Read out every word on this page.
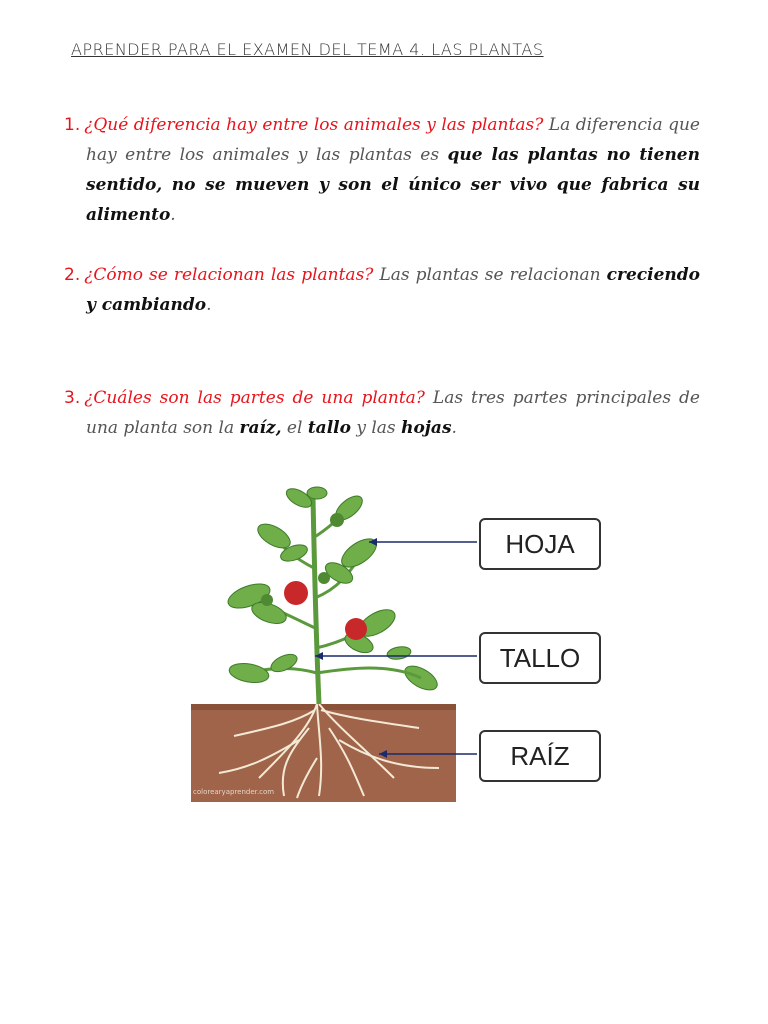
APRENDER PARA EL EXAMEN DEL TEMA 4. LAS PLANTAS
1. ¿Qué diferencia hay entre los animales y las plantas? La diferencia que hay entre los animales y las plantas es que las plantas no tienen sentido, no se mueven y son el único ser vivo que fabrica su alimento.
2. ¿Cómo se relacionan las plantas? Las plantas se relacionan creciendo y cambiando.
3. ¿Cuáles son las partes de una planta? Las tres partes principales de una planta son la raíz, el tallo y las hojas.
colorearyaprender.com
HOJA
TALLO
RAÍZ
